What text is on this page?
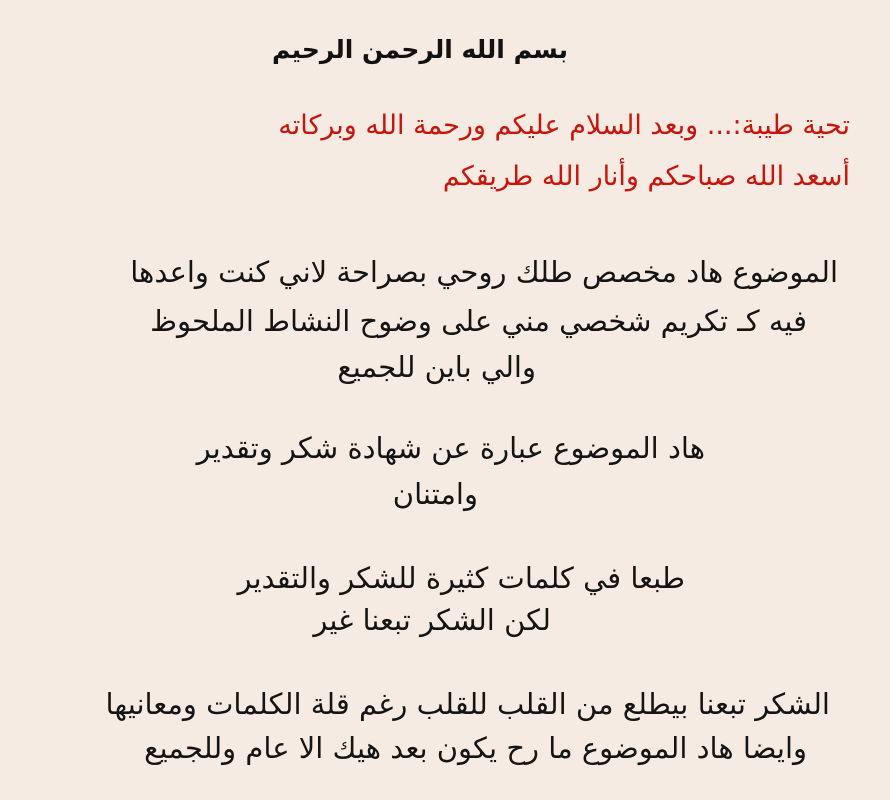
بسم الله الرحمن الرحيم
تحية طيبة:... وبعد السلام عليكم ورحمة الله وبركاته
أسعد الله صباحكم وأنار الله طريقكم
الموضوع هاد مخصص طلك روحي بصراحة لاني كنت واعدها
فيه كـ تكريم شخصي مني على وضوح النشاط الملحوظ
والي باين للجميع
هاد الموضوع عبارة عن شهادة شكر وتقدير
وامتنان
طبعا في كلمات كثيرة للشكر والتقدير
لكن الشكر تبعنا غير
الشكر تبعنا بيطلع من القلب للقلب رغم قلة الكلمات ومعانيها
وايضا هاد الموضوع ما رح يكون بعد هيك الا عام وللجميع
